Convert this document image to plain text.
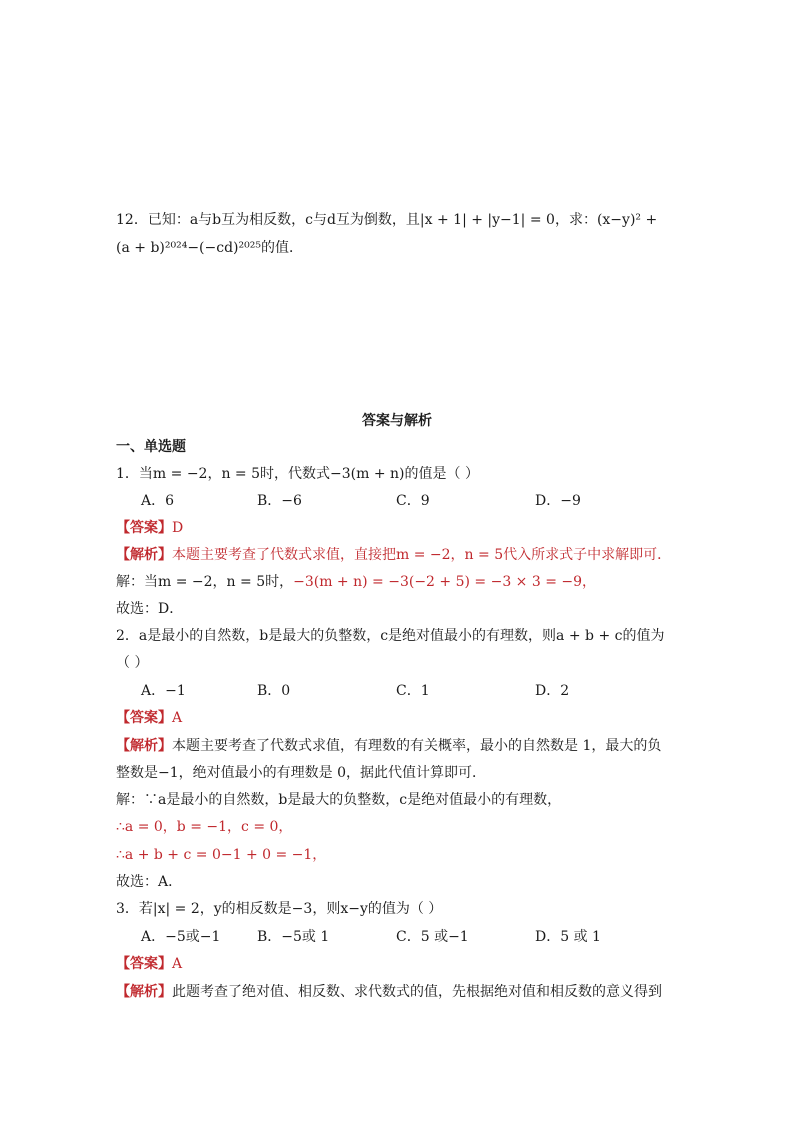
12．已知：a与b互为相反数，c与d互为倒数，且|x + 1| + |y−1| = 0，求：(x−y)² +
(a + b)²⁰²⁴−(−cd)²⁰²⁵的值．
答案与解析
一、单选题
1．当m = −2，n = 5时，代数式−3(m + n)的值是（ ）
A．6	B．−6	C．9	D．−9
【答案】D
【解析】本题主要考查了代数式求值，直接把m = −2，n = 5代入所求式子中求解即可．
解：当m = −2，n = 5时，−3(m + n) = −3(−2 + 5) = −3 × 3 = −9，
故选：D．
2．a是最小的自然数，b是最大的负整数，c是绝对值最小的有理数，则a + b + c的值为
（ ）
A．−1	B．0	C．1	D．2
【答案】A
【解析】本题主要考查了代数式求值，有理数的有关概率，最小的自然数是 1，最大的负
整数是−1，绝对值最小的有理数是 0，据此代值计算即可．
解：∵a是最小的自然数，b是最大的负整数，c是绝对值最小的有理数，
∴a = 0，b = −1，c = 0，
∴a + b + c = 0−1 + 0 = −1，
故选：A．
3．若|x| = 2，y的相反数是−3，则x−y的值为（ ）
A．−5或−1	B．−5或 1	C．5 或−1	D．5 或 1
【答案】A
【解析】此题考查了绝对值、相反数、求代数式的值，先根据绝对值和相反数的意义得到
